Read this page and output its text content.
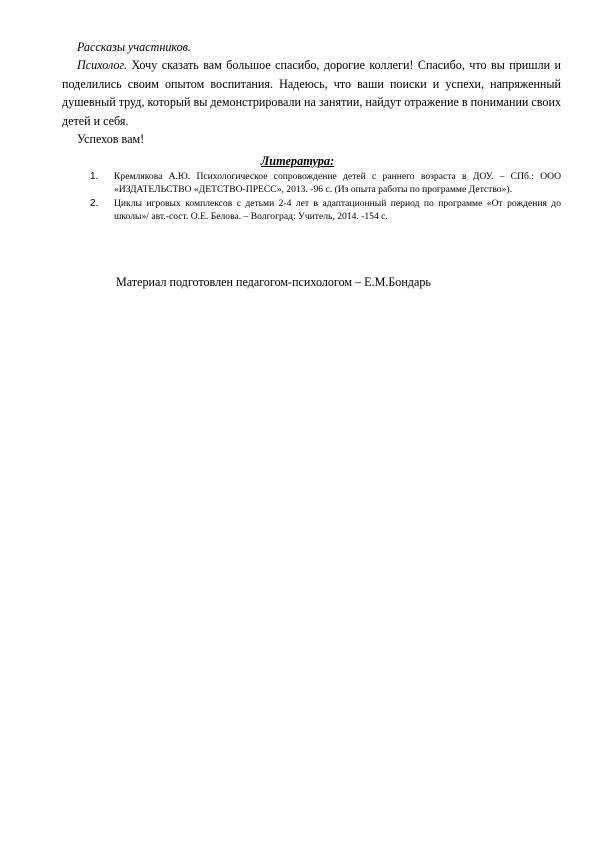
Рассказы участников.

Психолог. Хочу сказать вам большое спасибо, дорогие коллеги! Спасибо, что вы пришли и поделились своим опытом воспитания. Надеюсь, что ваши поиски и успехи, напряженный душевный труд, который вы демонстрировали на занятии, найдут отражение в понимании своих детей и себя.

Успехов вам!

Литература:

1. Кремлякова А.Ю. Психологическое сопровождение детей с раннего возраста в ДОУ. – СПб.: ООО «ИЗДАТЕЛЬСТВО «ДЕТСТВО-ПРЕСС», 2013. -96 с. (Из опыта работы по программе Детство»).
2. Циклы игровых комплексов с детьми 2-4 лет в адаптационный период по программе «От рождения до школы»/ авт.-сост. О.Е. Белова. – Волгоград: Учитель, 2014. -154 с.

Материал подготовлен педагогом-психологом – Е.М.Бондарь
